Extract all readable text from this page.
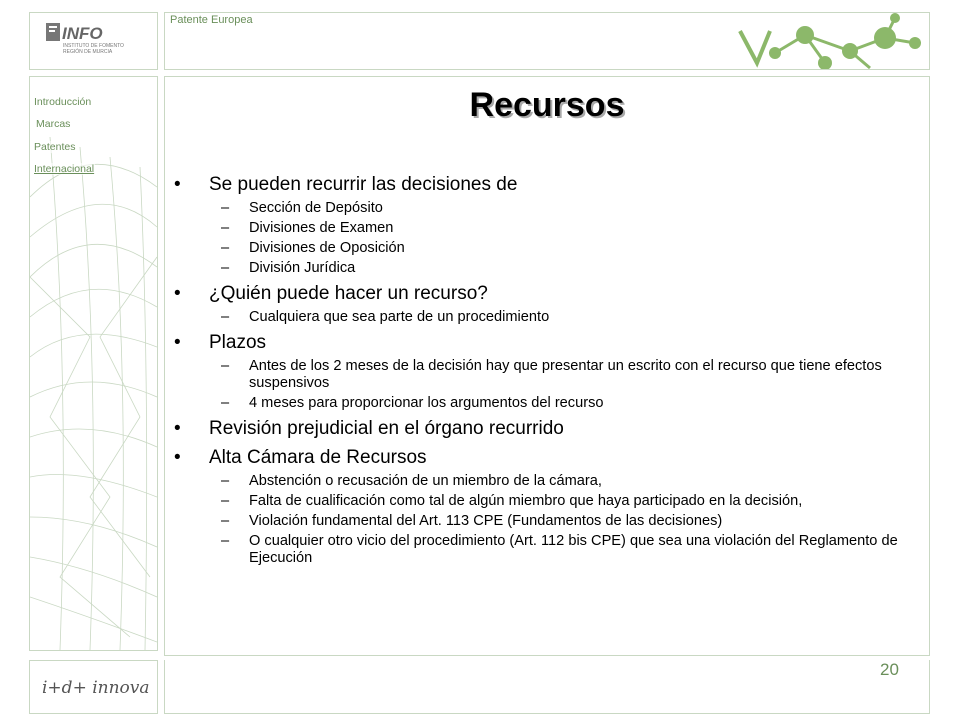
INFO
INSTITUTO DE FOMENTO
REGIÓN DE MURCIA
Patente Europea
Introducción
Marcas
Patentes
Internacional
Recursos
• Se pueden recurrir las decisiones de
– Sección de Depósito
– Divisiones de Examen
– Divisiones de Oposición
– División Jurídica
• ¿Quién puede hacer un recurso?
– Cualquiera que sea parte de un procedimiento
• Plazos
– Antes de los 2 meses de la decisión hay que presentar un escrito con el recurso que tiene efectos suspensivos
– 4 meses para proporcionar los argumentos del recurso
• Revisión prejudicial en el órgano recurrido
• Alta Cámara de Recursos
– Abstención o recusación de un miembro de la cámara,
– Falta de cualificación como tal de algún miembro que haya participado en la decisión,
– Violación fundamental del Art. 113 CPE (Fundamentos de las decisiones)
– O cualquier otro vicio del procedimiento (Art. 112 bis CPE) que sea una violación del Reglamento de Ejecución
i+d+ innova
20
